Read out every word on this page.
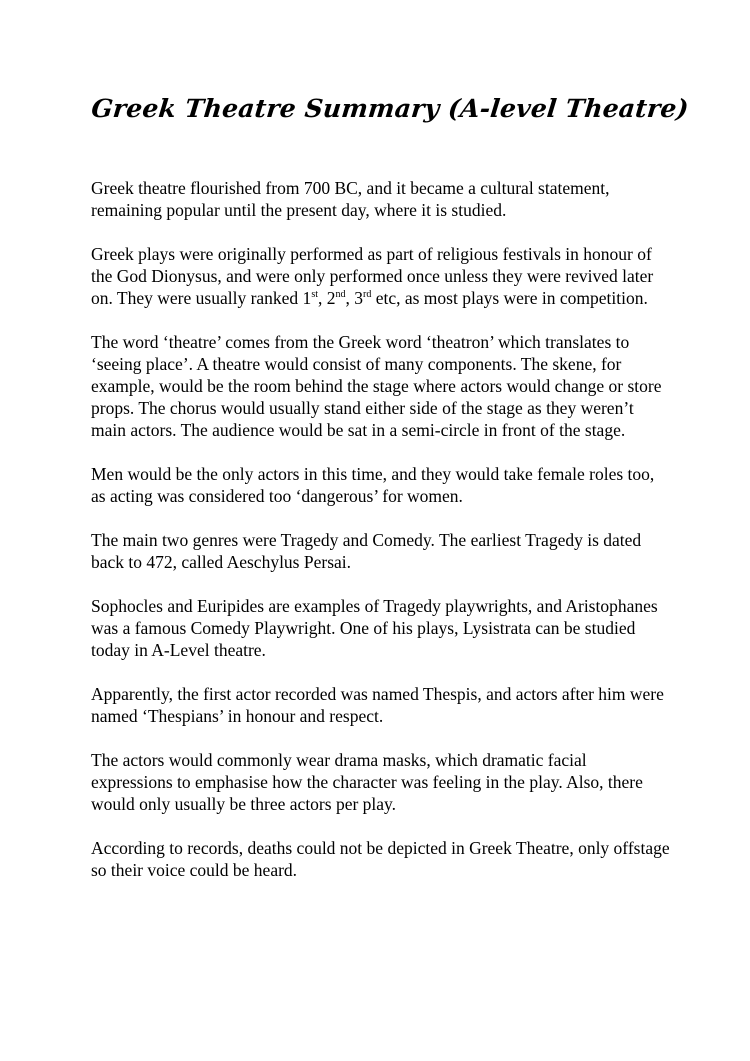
Greek Theatre Summary (A-level Theatre)

Greek theatre flourished from 700 BC, and it became a cultural statement, remaining popular until the present day, where it is studied.

Greek plays were originally performed as part of religious festivals in honour of the God Dionysus, and were only performed once unless they were revived later on. They were usually ranked 1st, 2nd, 3rd etc, as most plays were in competition.

The word ‘theatre’ comes from the Greek word ‘theatron’ which translates to ‘seeing place’. A theatre would consist of many components. The skene, for example, would be the room behind the stage where actors would change or store props. The chorus would usually stand either side of the stage as they weren’t main actors. The audience would be sat in a semi-circle in front of the stage.

Men would be the only actors in this time, and they would take female roles too, as acting was considered too ‘dangerous’ for women.

The main two genres were Tragedy and Comedy. The earliest Tragedy is dated back to 472, called Aeschylus Persai.

Sophocles and Euripides are examples of Tragedy playwrights, and Aristophanes was a famous Comedy Playwright. One of his plays, Lysistrata can be studied today in A-Level theatre.

Apparently, the first actor recorded was named Thespis, and actors after him were named ‘Thespians’ in honour and respect.

The actors would commonly wear drama masks, which dramatic facial expressions to emphasise how the character was feeling in the play. Also, there would only usually be three actors per play.

According to records, deaths could not be depicted in Greek Theatre, only offstage so their voice could be heard.
